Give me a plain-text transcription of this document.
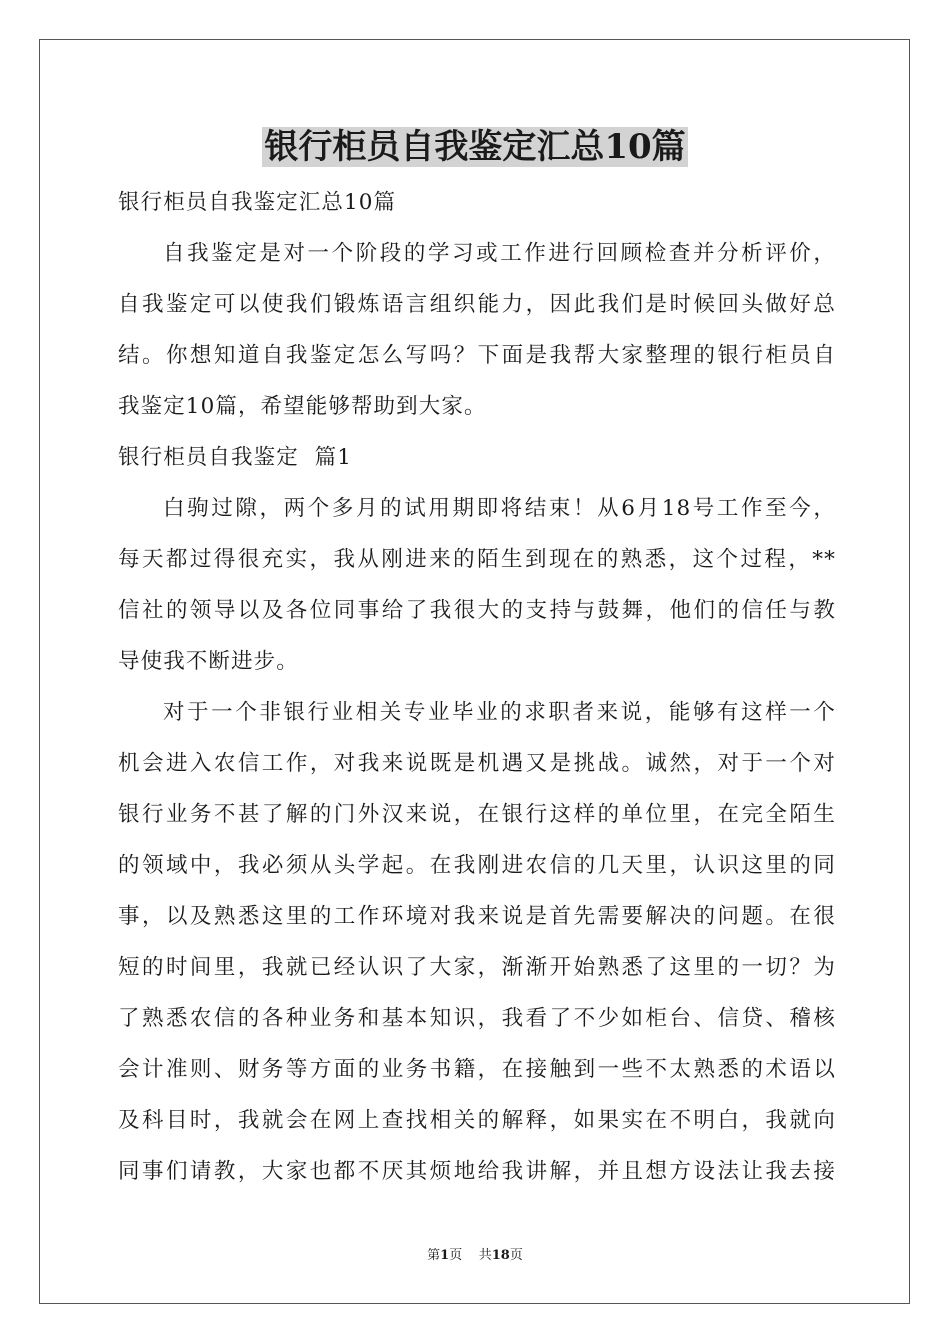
银行柜员自我鉴定汇总10篇
银行柜员自我鉴定汇总10篇
自我鉴定是对一个阶段的学习或工作进行回顾检查并分析评价，
自我鉴定可以使我们锻炼语言组织能力，因此我们是时候回头做好总
结。你想知道自我鉴定怎么写吗？下面是我帮大家整理的银行柜员自
我鉴定10篇，希望能够帮助到大家。
银行柜员自我鉴定  篇1
白驹过隙，两个多月的试用期即将结束！从6月18号工作至今，
每天都过得很充实，我从刚进来的陌生到现在的熟悉，这个过程，**
信社的领导以及各位同事给了我很大的支持与鼓舞，他们的信任与教
导使我不断进步。
对于一个非银行业相关专业毕业的求职者来说，能够有这样一个
机会进入农信工作，对我来说既是机遇又是挑战。诚然，对于一个对
银行业务不甚了解的门外汉来说，在银行这样的单位里，在完全陌生
的领域中，我必须从头学起。在我刚进农信的几天里，认识这里的同
事，以及熟悉这里的工作环境对我来说是首先需要解决的问题。在很
短的时间里，我就已经认识了大家，渐渐开始熟悉了这里的一切？为
了熟悉农信的各种业务和基本知识，我看了不少如柜台、信贷、稽核
会计准则、财务等方面的业务书籍，在接触到一些不太熟悉的术语以
及科目时，我就会在网上查找相关的解释，如果实在不明白，我就向
同事们请教，大家也都不厌其烦地给我讲解，并且想方设法让我去接
第1页 共18页
